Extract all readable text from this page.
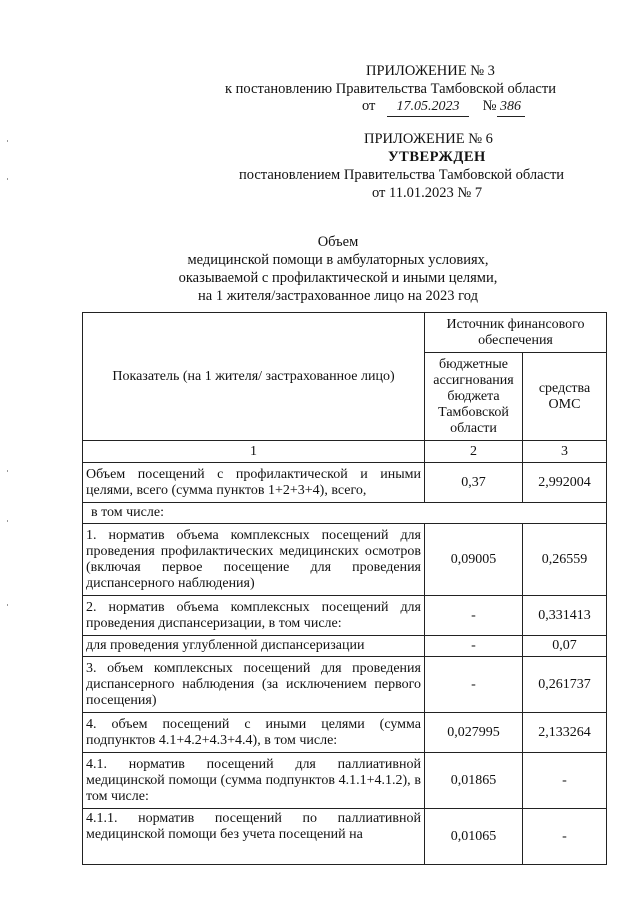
ПРИЛОЖЕНИЕ № 3
к постановлению Правительства Тамбовской области
от 17.05.2023 № 386
ПРИЛОЖЕНИЕ № 6
УТВЕРЖДЕН
постановлением Правительства Тамбовской области
от 11.01.2023 № 7
Объем
медицинской помощи в амбулаторных условиях,
оказываемой с профилактической и иными целями,
на 1 жителя/застрахованное лицо на 2023 год
Показатель (на 1 жителя/ застрахованное лицо)	Источник финансового обеспечения	
	бюджетные ассигнования бюджета Тамбовской области	средства ОМС
1	2	3
Объем посещений с профилактической и иными целями, всего (сумма пунктов 1+2+3+4), всего,	0,37	2,992004
в том числе:		
1. норматив объема комплексных посещений для проведения профилактических медицинских осмотров (включая первое посещение для проведения диспансерного наблюдения)	0,09005	0,26559
2. норматив объема комплексных посещений для проведения диспансеризации, в том числе:	-	0,331413
для проведения углубленной диспансеризации	-	0,07
3. объем комплексных посещений для проведения диспансерного наблюдения (за исключением первого посещения)	-	0,261737
4. объем посещений с иными целями (сумма подпунктов 4.1+4.2+4.3+4.4), в том числе:	0,027995	2,133264
4.1. норматив посещений для паллиативной медицинской помощи (сумма подпунктов 4.1.1+4.1.2), в том числе:	0,01865	-
4.1.1. норматив посещений по паллиативной медицинской помощи без учета посещений на	0,01065	-
